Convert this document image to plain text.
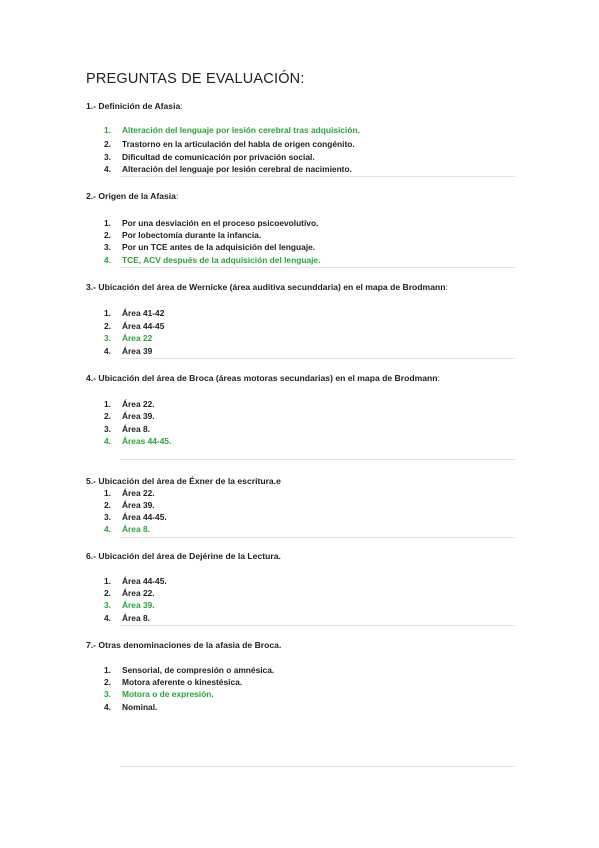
PREGUNTAS DE EVALUACIÓN:
1.- Definición de Afasia:
1. Alteración del lenguaje por lesión cerebral tras adquisición.
2. Trastorno en la articulación del habla de origen congénito.
3. Dificultad de comunicación por privación social.
4. Alteración del lenguaje por lesión cerebral de nacimiento.
2.- Origen de la Afasia:
1. Por una desviación en el proceso psicoevolutivo.
2. Por lobectomía durante la infancia.
3. Por un TCE antes de la adquisición del lenguaje.
4. TCE, ACV después de la adquisición del lenguaje.
3.- Ubicación del área de Wernicke (área auditiva secunddaria) en el mapa de Brodmann:
1. Área 41-42
2. Área 44-45
3. Área 22
4. Área 39
4.- Ubicación del área de Broca (áreas motoras secundarias) en el mapa de Brodmann:
1. Área 22.
2. Área 39.
3. Área 8.
4. Áreas 44-45.
5.- Ubicación del área de Éxner de la escritura.e
1. Área 22.
2. Área 39.
3. Área 44-45.
4. Área 8.
6.- Ubicación del área de Dejérine de la Lectura.
1. Área 44-45.
2. Área 22.
3. Área 39.
4. Área 8.
7.- Otras denominaciones de la afasia de Broca.
1. Sensorial, de compresión o amnésica.
2. Motora aferente o kinestésica.
3. Motora o de expresión.
4. Nominal.
